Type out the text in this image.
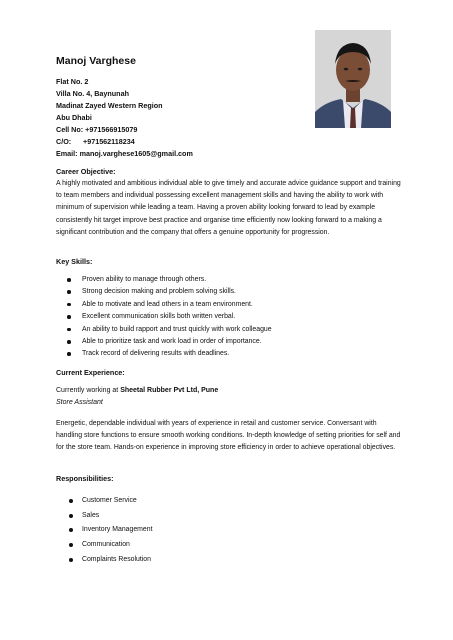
Manoj Varghese
Flat No. 2
Villa No. 4, Baynunah
Madinat Zayed Western Region
Abu Dhabi
Cell No: +971566915079
C/O: +971562118234
Email: manoj.varghese1605@gmail.com
Career Objective:

A highly motivated and ambitious individual able to give timely and accurate advice guidance support and training to team members and individual possessing excellent management skills and having the ability to work with minimum of supervision while leading a team. Having a proven ability looking forward to lead by example consistently hit target improve best practice and organise time efficiently now looking forward to a making a significant contribution and the company that offers a genuine opportunity for progression.

Key Skills:
Proven ability to manage through others.
Strong decision making and problem solving skills.
Able to motivate and lead others in a team environment.
Excellent communication skills both written verbal.
An ability to build rapport and trust quickly with work colleague
Able to prioritize task and work load in order of importance.
Track record of delivering results with deadlines.
Current Experience:

Currently working at Sheetal Rubber Pvt Ltd, Pune

Store Assistant

Energetic, dependable individual with years of experience in retail and customer service. Conversant with handling store functions to ensure smooth working conditions. In-depth knowledge of setting priorities for self and for the store team. Hands-on experience in improving store efficiency in order to achieve operational objectives.

Responsibilities:
Customer Service
Sales
Inventory Management
Communication
Complaints Resolution
